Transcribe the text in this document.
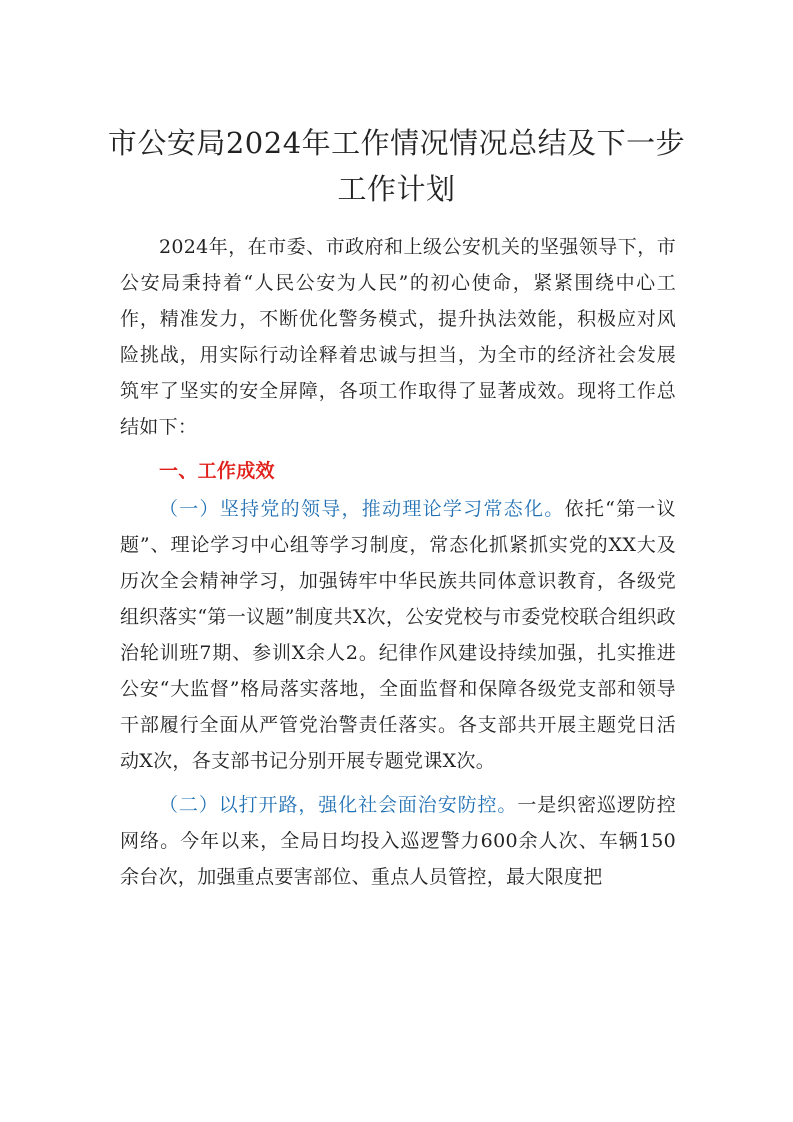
市公安局2024年工作情况情况总结及下一步
工作计划

2024年，在市委、市政府和上级公安机关的坚强领导下，市公安局秉持着“人民公安为人民”的初心使命，紧紧围绕中心工作，精准发力，不断优化警务模式，提升执法效能，积极应对风险挑战，用实际行动诠释着忠诚与担当，为全市的经济社会发展筑牢了坚实的安全屏障，各项工作取得了显著成效。现将工作总结如下：

一、工作成效

（一）坚持党的领导，推动理论学习常态化。依托“第一议题”、理论学习中心组等学习制度，常态化抓紧抓实党的XX大及历次全会精神学习，加强铸牢中华民族共同体意识教育，各级党组织落实“第一议题”制度共X次，公安党校与市委党校联合组织政治轮训班7期、参训X余人2。纪律作风建设持续加强，扎实推进公安“大监督”格局落实落地，全面监督和保障各级党支部和领导干部履行全面从严管党治警责任落实。各支部共开展主题党日活动X次，各支部书记分别开展专题党课X次。

（二）以打开路，强化社会面治安防控。一是织密巡逻防控网络。今年以来，全局日均投入巡逻警力600余人次、车辆150余台次，加强重点要害部位、重点人员管控，最大限度把
